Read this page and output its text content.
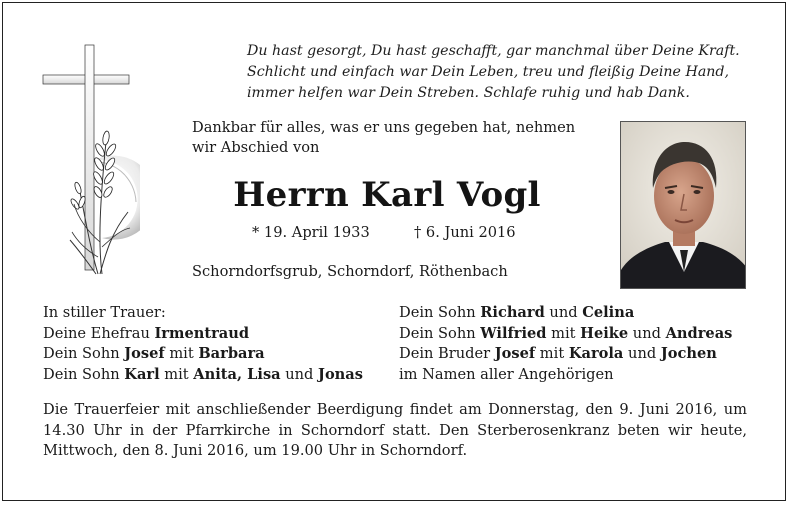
Du hast gesorgt, Du hast geschafft, gar manchmal über Deine Kraft.
Schlicht und einfach war Dein Leben, treu und fleißig Deine Hand,
immer helfen war Dein Streben. Schlafe ruhig und hab Dank.
Dankbar für alles, was er uns gegeben hat, nehmen
wir Abschied von
Herrn Karl Vogl
* 19. April 1933	† 6. Juni 2016
Schorndorfsgrub, Schorndorf, Röthenbach
In stiller Trauer:
Deine Ehefrau Irmentraud
Dein Sohn Josef mit Barbara
Dein Sohn Karl mit Anita, Lisa und Jonas
Dein Sohn Richard und Celina
Dein Sohn Wilfried mit Heike und Andreas
Dein Bruder Josef mit Karola und Jochen
im Namen aller Angehörigen
Die Trauerfeier mit anschließender Beerdigung findet am Donnerstag, den 9. Juni 2016, um 14.30 Uhr in der Pfarrkirche in Schorndorf statt. Den Sterberosenkranz beten wir heute, Mittwoch, den 8. Juni 2016, um 19.00 Uhr in Schorndorf.
